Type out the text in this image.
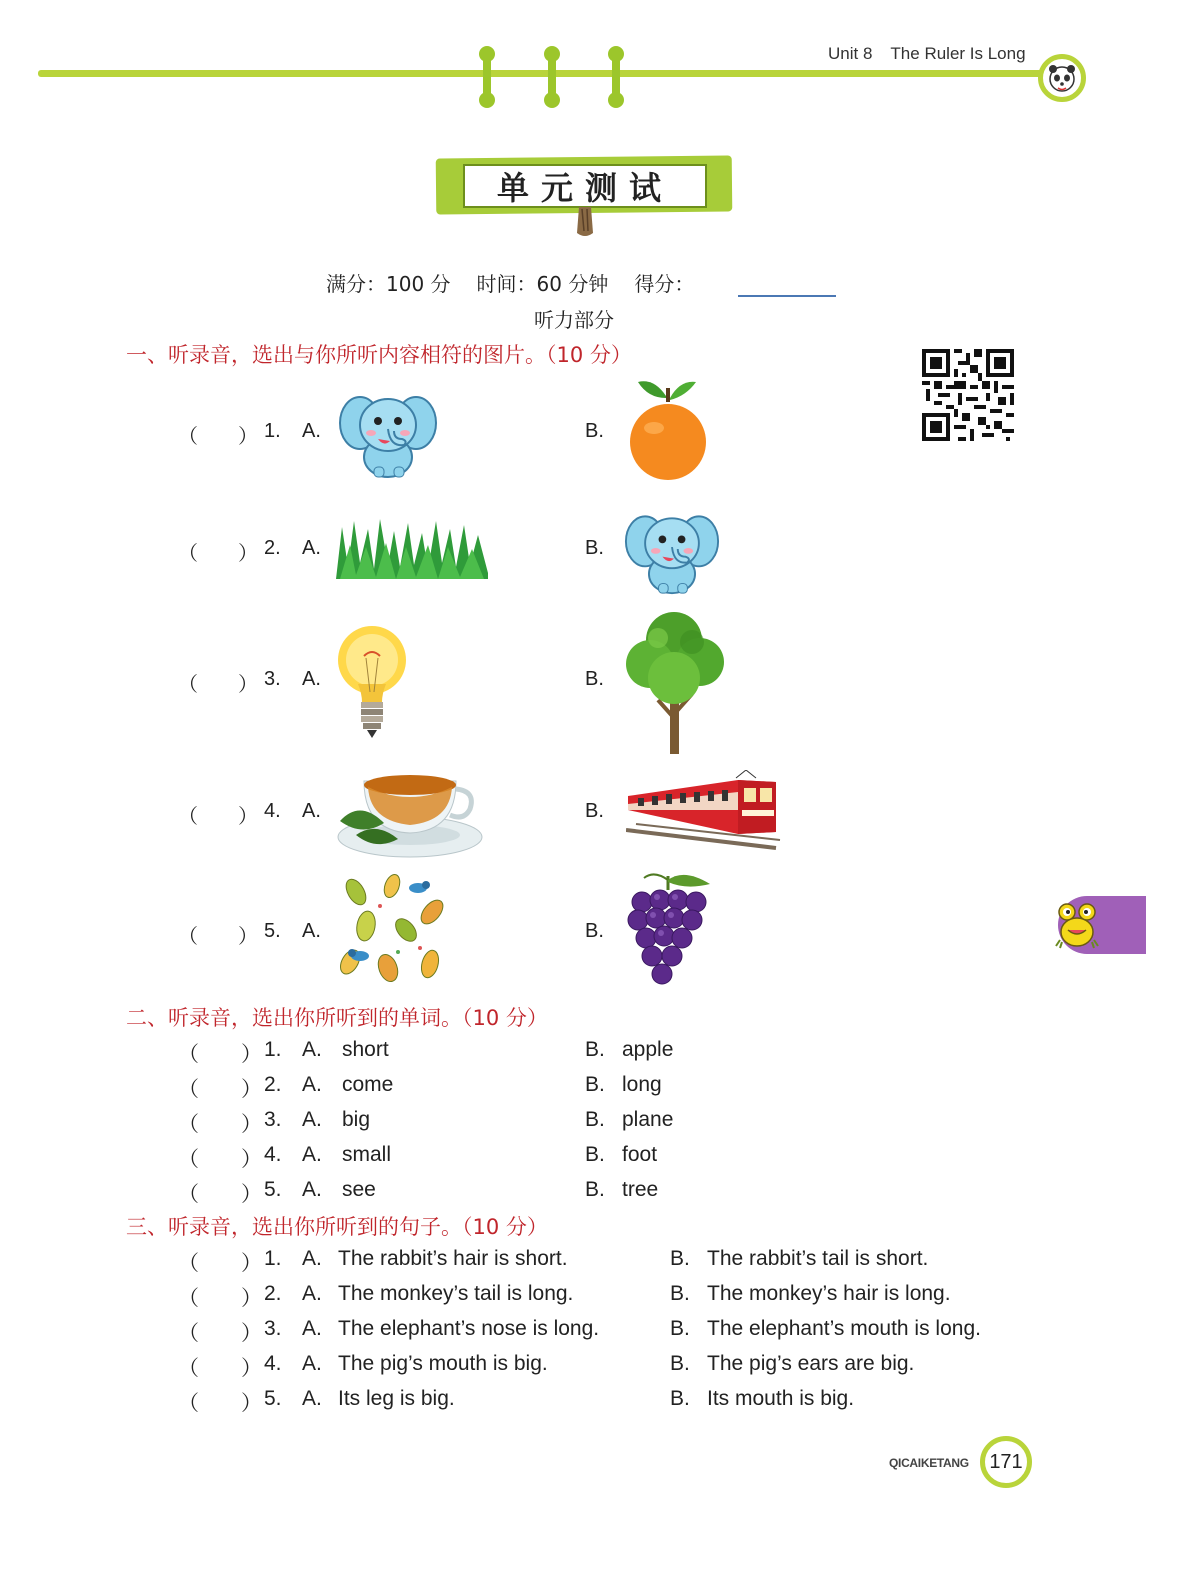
Unit 8 The Ruler Is Long
单元测试
满分：100 分 时间：60 分钟 得分：
听力部分
一、听录音，选出与你所听内容相符的图片。（10 分）
（　　） 1. A.	B.
（　　） 2. A.	B.
（　　） 3. A.	B.
（　　） 4. A.	B.
（　　） 5. A.	B.
二、听录音，选出你所听到的单词。（10 分）
（　　） 1. A. short	B. apple
（　　） 2. A. come	B. long
（　　） 3. A. big	B. plane
（　　） 4. A. small	B. foot
（　　） 5. A. see	B. tree
三、听录音，选出你所听到的句子。（10 分）
（　　） 1. A. The rabbit’s hair is short.	B. The rabbit’s tail is short.
（　　） 2. A. The monkey’s tail is long.	B. The monkey’s hair is long.
（　　） 3. A. The elephant’s nose is long.	B. The elephant’s mouth is long.
（　　） 4. A. The pig’s mouth is big.	B. The pig’s ears are big.
（　　） 5. A. Its leg is big.	B. Its mouth is big.
QICAIKETANG	171
